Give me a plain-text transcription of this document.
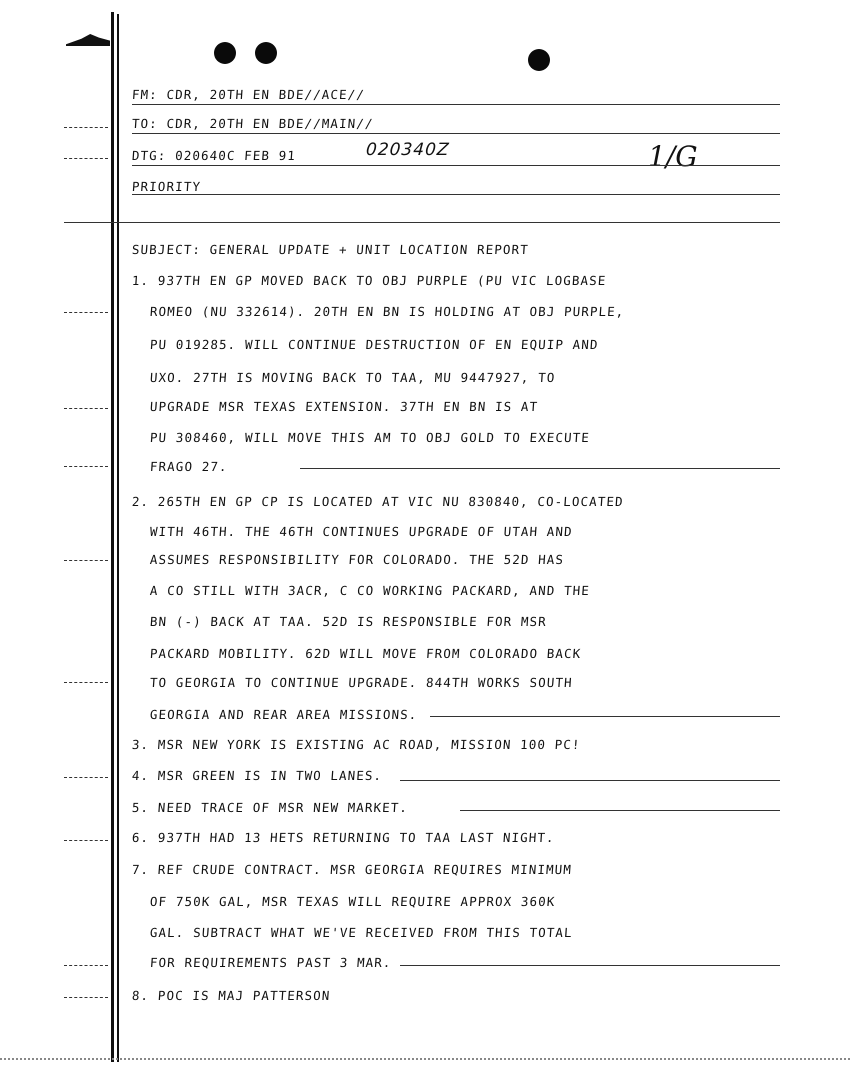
FM: CDR, 20TH EN BDE//ACE//
TO: CDR, 20TH EN BDE//MAIN//
DTG: 020640C FEB 91	020340Z	1/G
PRIORITY
SUBJECT: GENERAL UPDATE + UNIT LOCATION REPORT
1. 937TH EN GP MOVED BACK TO OBJ PURPLE (PU VIC LOGBASE
ROMEO (NU 332614). 20TH EN BN IS HOLDING AT OBJ PURPLE,
PU 019285. WILL CONTINUE DESTRUCTION OF EN EQUIP AND
UXO. 27TH IS MOVING BACK TO TAA, MU 9447927, TO
UPGRADE MSR TEXAS EXTENSION. 37TH EN BN IS AT
PU 308460, WILL MOVE THIS AM TO OBJ GOLD TO EXECUTE
FRAGO 27.
2. 265TH EN GP CP IS LOCATED AT VIC NU 830840, CO-LOCATED
WITH 46TH. THE 46TH CONTINUES UPGRADE OF UTAH AND
ASSUMES RESPONSIBILITY FOR COLORADO. THE 52D HAS
A CO STILL WITH 3ACR, C CO WORKING PACKARD, AND THE
BN (-) BACK AT TAA. 52D IS RESPONSIBLE FOR MSR
PACKARD MOBILITY. 62D WILL MOVE FROM COLORADO BACK
TO GEORGIA TO CONTINUE UPGRADE. 844TH WORKS SOUTH
GEORGIA AND REAR AREA MISSIONS.
3. MSR NEW YORK IS EXISTING AC ROAD, MISSION 100 PC!
4. MSR GREEN IS IN TWO LANES.
5. NEED TRACE OF MSR NEW MARKET.
6. 937TH HAD 13 HETS RETURNING TO TAA LAST NIGHT.
7. REF CRUDE CONTRACT. MSR GEORGIA REQUIRES MINIMUM
OF 750K GAL, MSR TEXAS WILL REQUIRE APPROX 360K
GAL. SUBTRACT WHAT WE'VE RECEIVED FROM THIS TOTAL
FOR REQUIREMENTS PAST 3 MAR.
8. POC IS MAJ PATTERSON
